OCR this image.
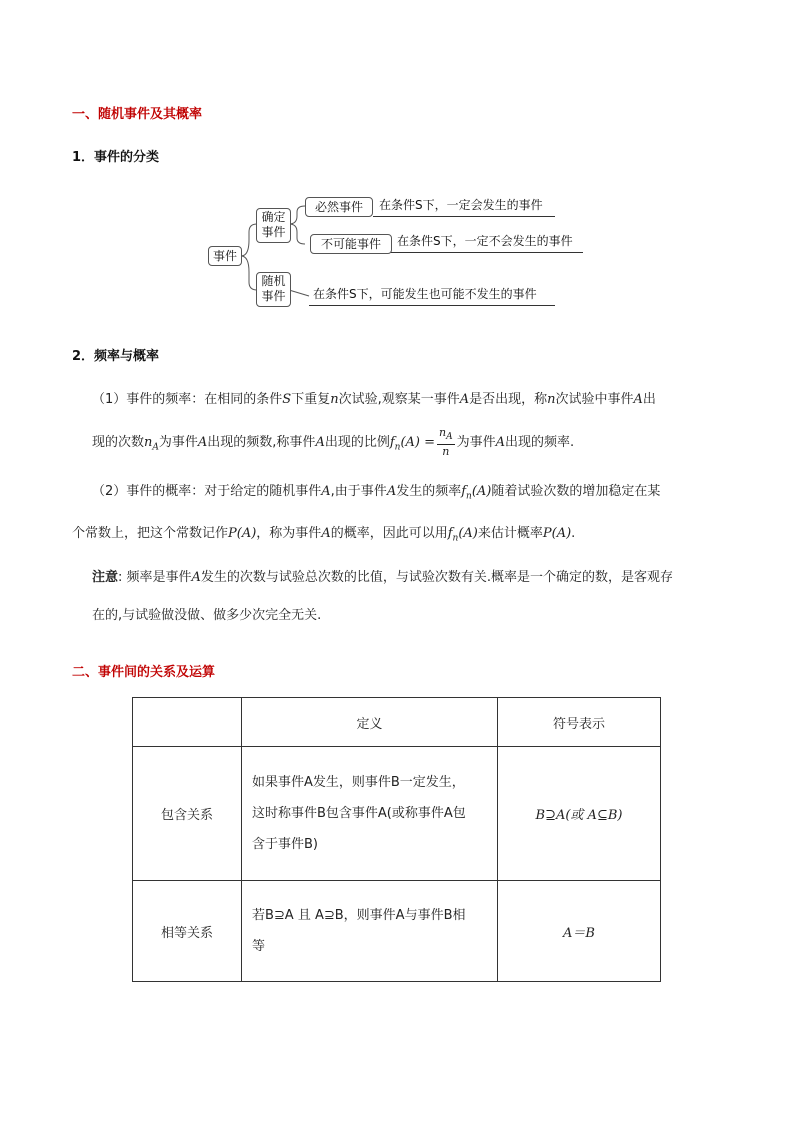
一、随机事件及其概率
1．事件的分类
事件
确定事件
随机事件
必然事件
不可能事件
在条件S下，一定会发生的事件
在条件S下，一定不会发生的事件
在条件S下，可能发生也可能不发生的事件
2．频率与概率
（1）事件的频率：在相同的条件S下重复n次试验,观察某一事件A是否出现，称n次试验中事件A出
现的次数$n_A$为事件A出现的频数,称事件A出现的比例$f_n(A) = \frac{n_A}{n}$ 为事件A出现的频率.
（2）事件的概率：对于给定的随机事件A,由于事件A发生的频率$f_n(A)$随着试验次数的增加稳定在某
个常数上，把这个常数记作P(A)，称为事件A的概率，因此可以用$f_n(A)$来估计概率P(A).
注意: 频率是事件A发生的次数与试验总次数的比值，与试验次数有关.概率是一个确定的数，是客观存
在的,与试验做没做、做多少次完全无关.
二、事件间的关系及运算
	定义	符号表示
包含关系	如果事件A发生，则事件B一定发生，
这时称事件B包含事件A(或称事件A包
含于事件B)	B⊇A(或 A⊆B)
相等关系	若B⊇A 且 A⊇B，则事件A与事件B相
等	A＝B
